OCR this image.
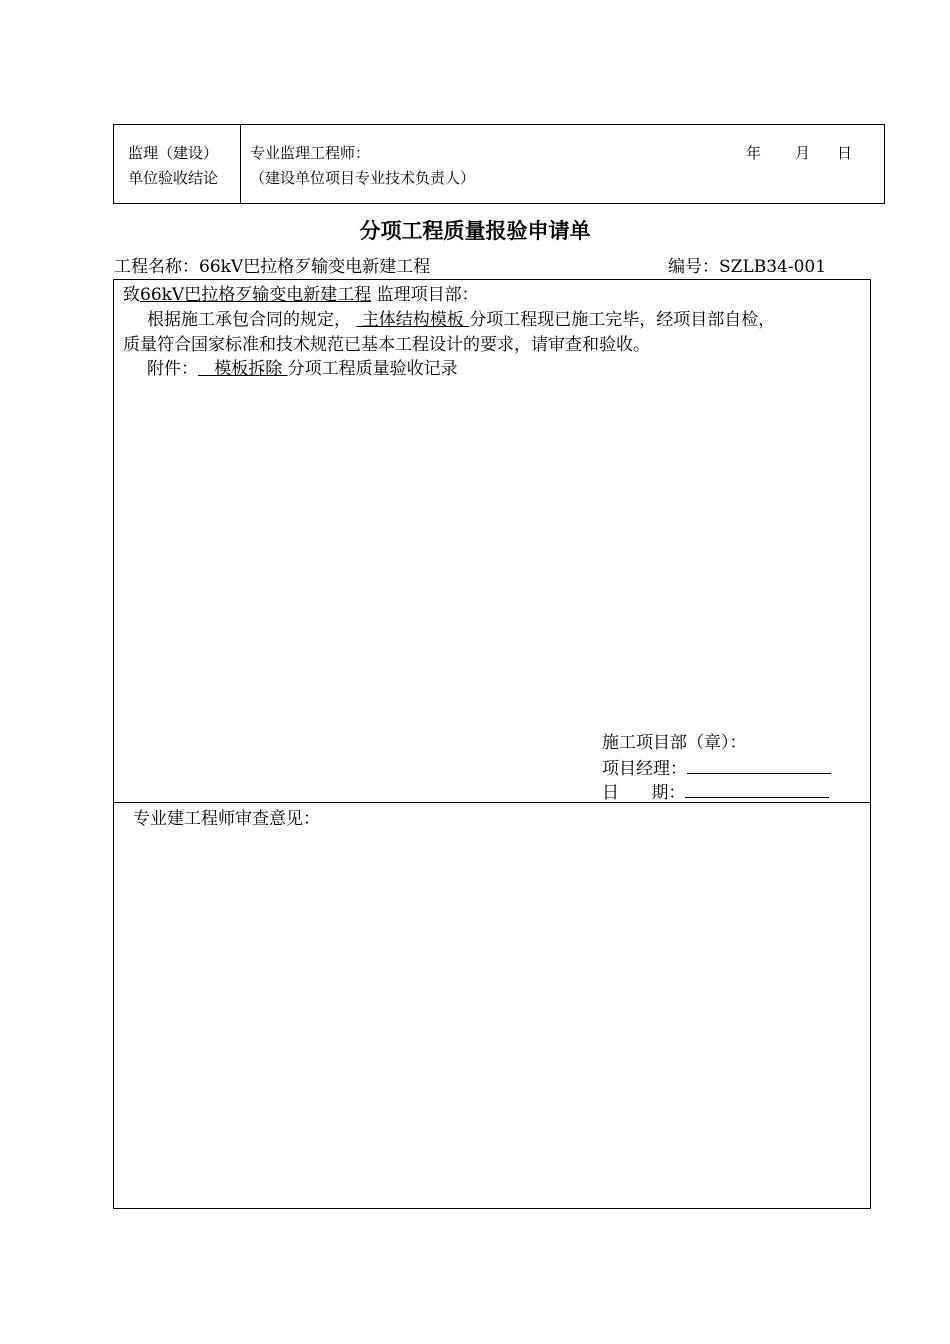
监理（建设）
单位验收结论
专业监理工程师：
（建设单位项目专业技术负责人）
年 月 日
分项工程质量报验申请单
工程名称：66kV巴拉格歹输变电新建工程	编号：SZLB34-001
致66kV巴拉格歹输变电新建工程 监理项目部：
根据施工承包合同的规定，  主体结构模板 分项工程现已施工完毕，经项目部自检，
质量符合国家标准和技术规范已基本工程设计的要求，请审查和验收。
附件：   模板拆除 分项工程质量验收记录
施工项目部（章）：
项目经理：
日      期：
专业建工程师审查意见：
